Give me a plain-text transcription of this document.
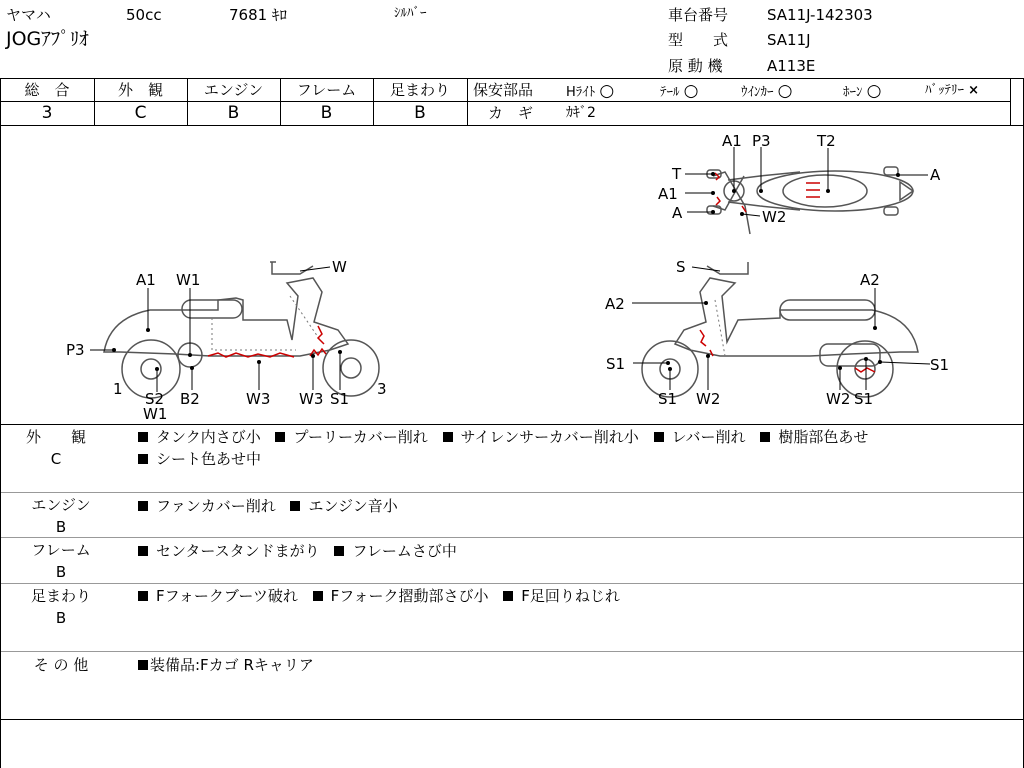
ヤマハ	50cc	7681 ｷﾛ	ｼﾙﾊﾞｰ
JOGｱﾌﾟﾘｵ
車台番号	SA11J-142303
型　　式	SA11J
原 動 機	A113E
総　合	外　観	エンジン	フレーム	足まわり
3	C	B	B	B
保安部品	Hﾗｲﾄ ○	ﾃｰﾙ ○	ｳｲﾝｶｰ ○	ﾎｰﾝ ○	ﾊﾞｯﾃﾘｰ ×
カ　ギ ｶｷﾞ2
A1 P3	T2
T
A1
A
A
W2
A1 W1
W
P3
1
S2 B2	W3 W3 S1
3
W1
S
A2
A2
S1	S1
S1 W2	W2 S1
外　　観
C
タンク内さび小 プーリーカバー削れ サイレンサーカバー削れ小 レバー削れ 樹脂部色あせ
シート色あせ中
エンジン
B
ファンカバー削れ エンジン音小
フレーム
B
センタースタンドまがり フレームさび中
足まわり
B
Fフォークブーツ破れ Fフォーク摺動部さび小 F足回りねじれ
そ の 他	装備品:Fカゴ Rキャリア
